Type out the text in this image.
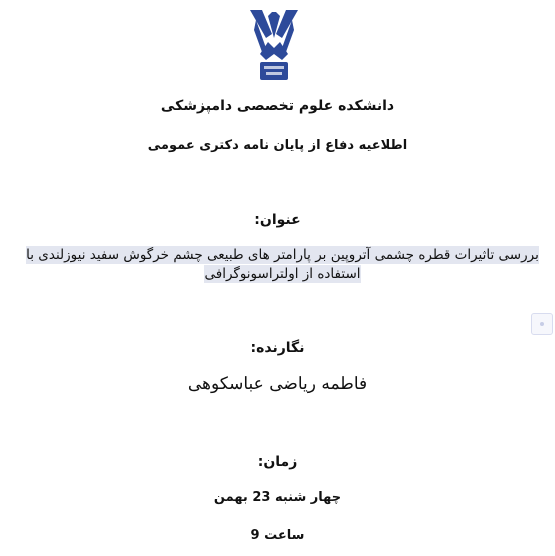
دانشکده علوم تخصصی دامپزشکی
اطلاعیه دفاع از پایان نامه دکتری عمومی
عنوان:
بررسی تاثیرات قطره چشمی آتروپین بر پارامتر های طبیعی چشم خرگوش سفید نیوزلندی با استفاده از اولتراسونوگرافی
نگارنده:
فاطمه ریاضی عباسکوهی
زمان:
چهار شنبه 23 بهمن
ساعت 9
